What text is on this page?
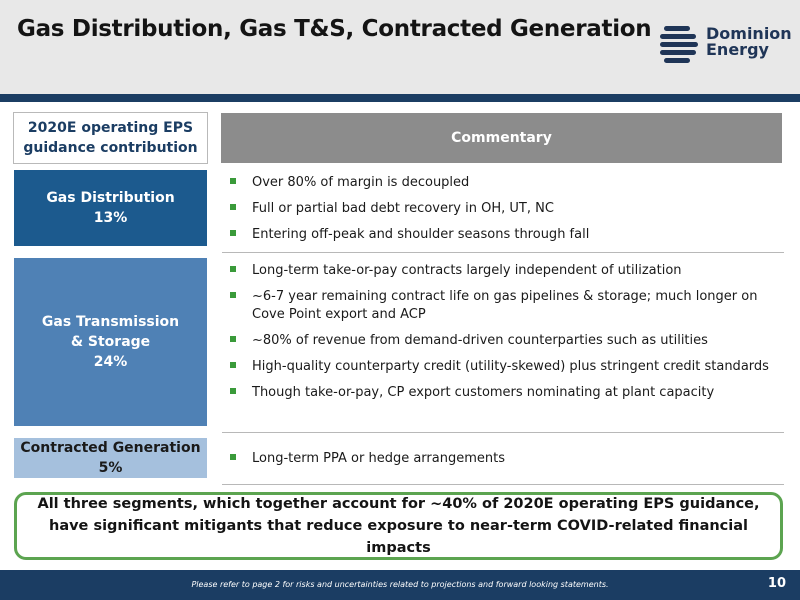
Gas Distribution, Gas T&S, Contracted Generation	Dominion
Energy
2020E operating EPS guidance contribution
Commentary
Gas Distribution
13%
Over 80% of margin is decoupled
Full or partial bad debt recovery in OH, UT, NC
Entering off-peak and shoulder seasons through fall
Gas Transmission & Storage
24%
Long-term take-or-pay contracts largely independent of utilization
~6-7 year remaining contract life on gas pipelines & storage; much longer on Cove Point export and ACP
~80% of revenue from demand-driven counterparties such as utilities
High-quality counterparty credit (utility-skewed) plus stringent credit standards
Though take-or-pay, CP export customers nominating at plant capacity
Contracted Generation
5%
Long-term PPA or hedge arrangements
All three segments, which together account for ~40% of 2020E operating EPS guidance, have significant mitigants that reduce exposure to near-term COVID-related financial impacts
Please refer to page 2 for risks and uncertainties related to projections and forward looking statements.	10
